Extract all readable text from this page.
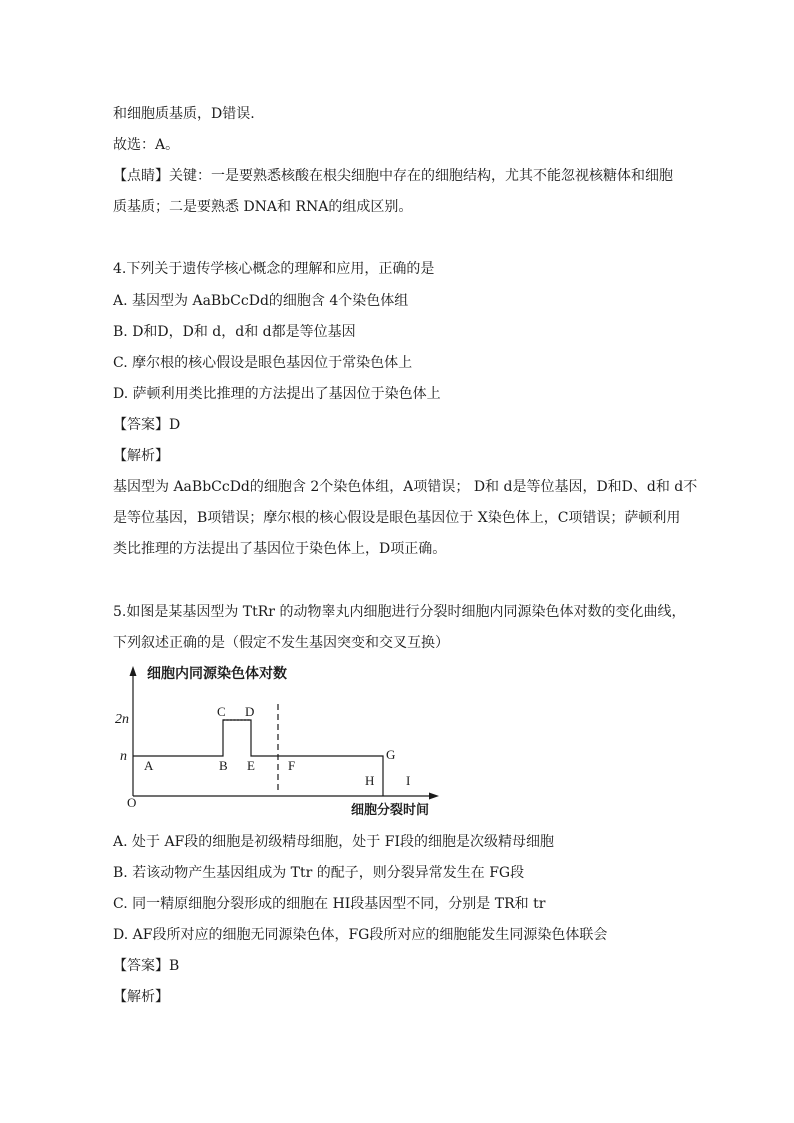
和细胞质基质，D错误.
故选：A。
【点睛】关键：一是要熟悉核酸在根尖细胞中存在的细胞结构，尤其不能忽视核糖体和细胞
质基质；二是要熟悉 DNA和 RNA的组成区别。
4.下列关于遗传学核心概念的理解和应用，正确的是
A. 基因型为 AaBbCcDd的细胞含 4个染色体组
B. D和D，D和 d，d和 d都是等位基因
C. 摩尔根的核心假设是眼色基因位于常染色体上
D. 萨顿利用类比推理的方法提出了基因位于染色体上
【答案】D
【解析】
基因型为 AaBbCcDd的细胞含 2个染色体组，A项错误； D和 d是等位基因，D和D、d和 d不
是等位基因，B项错误；摩尔根的核心假设是眼色基因位于 X染色体上，C项错误；萨顿利用
类比推理的方法提出了基因位于染色体上，D项正确。
5.如图是某基因型为 TtRr 的动物睾丸内细胞进行分裂时细胞内同源染色体对数的变化曲线，
下列叙述正确的是（假定不发生基因突变和交叉互换）
细胞内同源染色体对数
细胞分裂时间
O
n
2n
A	B
C D
E	F
G
H I
A. 处于 AF段的细胞是初级精母细胞，处于 FI段的细胞是次级精母细胞
B. 若该动物产生基因组成为 Ttr 的配子，则分裂异常发生在 FG段
C. 同一精原细胞分裂形成的细胞在 HI段基因型不同，分别是 TR和 tr
D. AF段所对应的细胞无同源染色体，FG段所对应的细胞能发生同源染色体联会
【答案】B
【解析】
